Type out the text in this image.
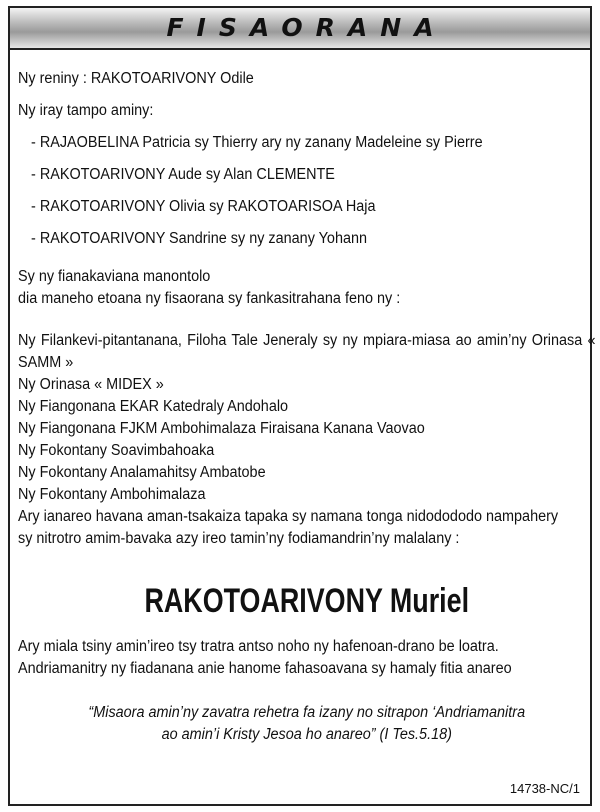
FISAORANA
Ny reniny : RAKOTOARIVONY Odile
Ny iray tampo aminy:
- RAJAOBELINA Patricia sy Thierry ary ny zanany Madeleine sy Pierre
- RAKOTOARIVONY Aude sy Alan CLEMENTE
- RAKOTOARIVONY Olivia sy RAKOTOARISOA Haja
- RAKOTOARIVONY Sandrine sy ny zanany Yohann
Sy ny fianakaviana manontolo
dia maneho etoana ny fisaorana sy fankasitrahana feno ny :
Ny Filankevi-pitantanana, Filoha Tale Jeneraly sy ny mpiara-miasa ao amin’ny Orinasa « SAMM »
Ny Orinasa « MIDEX »
Ny Fiangonana EKAR Katedraly Andohalo
Ny Fiangonana FJKM Ambohimalaza Firaisana Kanana Vaovao
Ny Fokontany Soavimbahoaka
Ny Fokontany Analamahitsy Ambatobe
Ny Fokontany Ambohimalaza
Ary ianareo havana aman-tsakaiza tapaka sy namana tonga nidodododo nampahery
sy nitrotro amim-bavaka azy ireo tamin’ny fodiamandrin’ny malalany :
RAKOTOARIVONY Muriel
Ary miala tsiny amin’ireo tsy tratra antso noho ny hafenoan-drano be loatra.
Andriamanitry ny fiadanana anie hanome fahasoavana sy hamaly fitia anareo
“Misaora amin’ny zavatra rehetra fa izany no sitrapon ‘Andriamanitra
ao amin’i Kristy Jesoa ho anareo” (I Tes.5.18)
14738-NC/1
